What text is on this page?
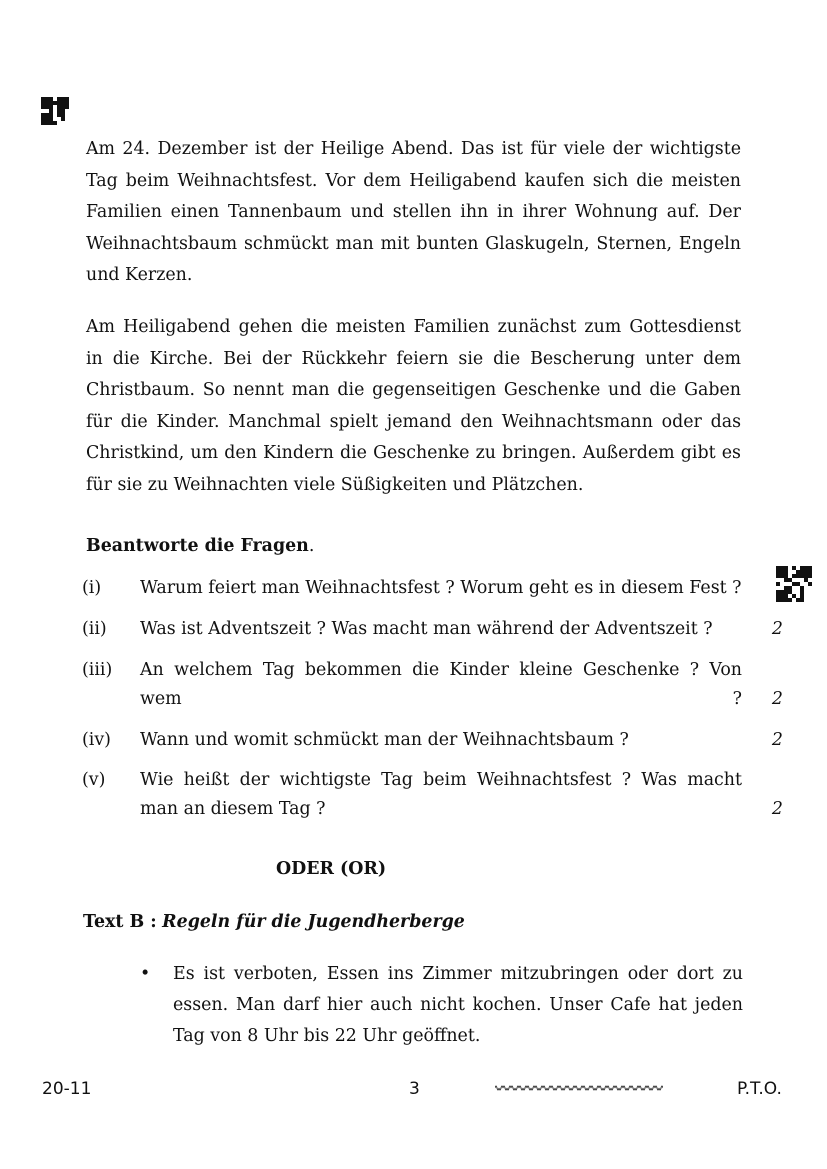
Am 24. Dezember ist der Heilige Abend. Das ist für viele der wichtigste Tag beim Weihnachtsfest. Vor dem Heiligabend kaufen sich die meisten Familien einen Tannenbaum und stellen ihn in ihrer Wohnung auf. Der Weihnachtsbaum schmückt man mit bunten Glaskugeln, Sternen, Engeln und Kerzen.

Am Heiligabend gehen die meisten Familien zunächst zum Gottesdienst in die Kirche. Bei der Rückkehr feiern sie die Bescherung unter dem Christbaum. So nennt man die gegenseitigen Geschenke und die Gaben für die Kinder. Manchmal spielt jemand den Weihnachtsmann oder das Christkind, um den Kindern die Geschenke zu bringen. Außerdem gibt es für sie zu Weihnachten viele Süßigkeiten und Plätzchen.

Beantworte die Fragen.

(i) Warum feiert man Weihnachtsfest ? Worum geht es in diesem Fest ?
(ii) Was ist Adventszeit ? Was macht man während der Adventszeit ?	2
(iii) An welchem Tag bekommen die Kinder kleine Geschenke ? Von wem ? 2
(iv) Wann und womit schmückt man der Weihnachtsbaum ?	2
(v) Wie heißt der wichtigste Tag beim Weihnachtsfest ? Was macht man an diesem Tag ?	2

ODER (OR)

Text B : Regeln für die Jugendherberge
• Es ist verboten, Essen ins Zimmer mitzubringen oder dort zu essen. Man darf hier auch nicht kochen. Unser Cafe hat jeden Tag von 8 Uhr bis 22 Uhr geöffnet.
20-11	3	P.T.O.
